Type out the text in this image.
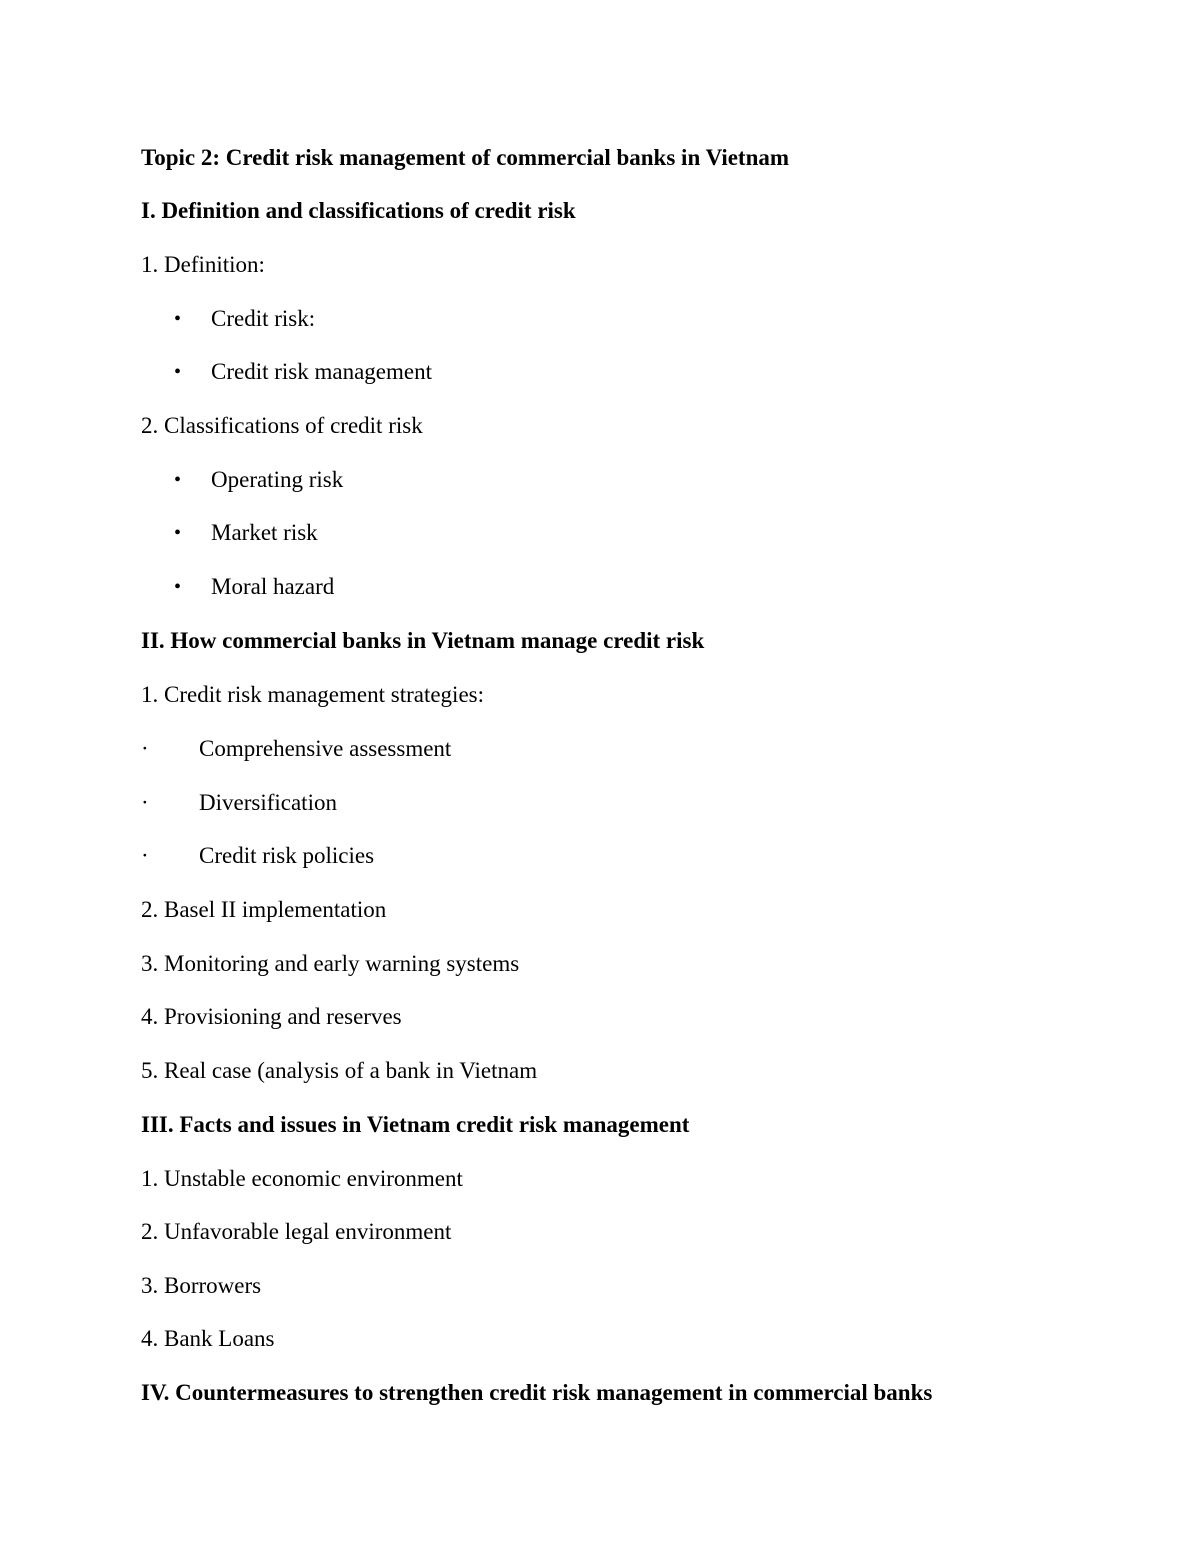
Topic 2: Credit risk management of commercial banks in Vietnam
I. Definition and classifications of credit risk
1. Definition:
• Credit risk:
• Credit risk management
2. Classifications of credit risk
• Operating risk
• Market risk
• Moral hazard
II. How commercial banks in Vietnam manage credit risk
1. Credit risk management strategies:
· Comprehensive assessment
· Diversification
· Credit risk policies
2. Basel II implementation
3. Monitoring and early warning systems
4. Provisioning and reserves
5. Real case (analysis of a bank in Vietnam
III. Facts and issues in Vietnam credit risk management
1. Unstable economic environment
2. Unfavorable legal environment
3. Borrowers
4. Bank Loans
IV. Countermeasures to strengthen credit risk management in commercial banks
